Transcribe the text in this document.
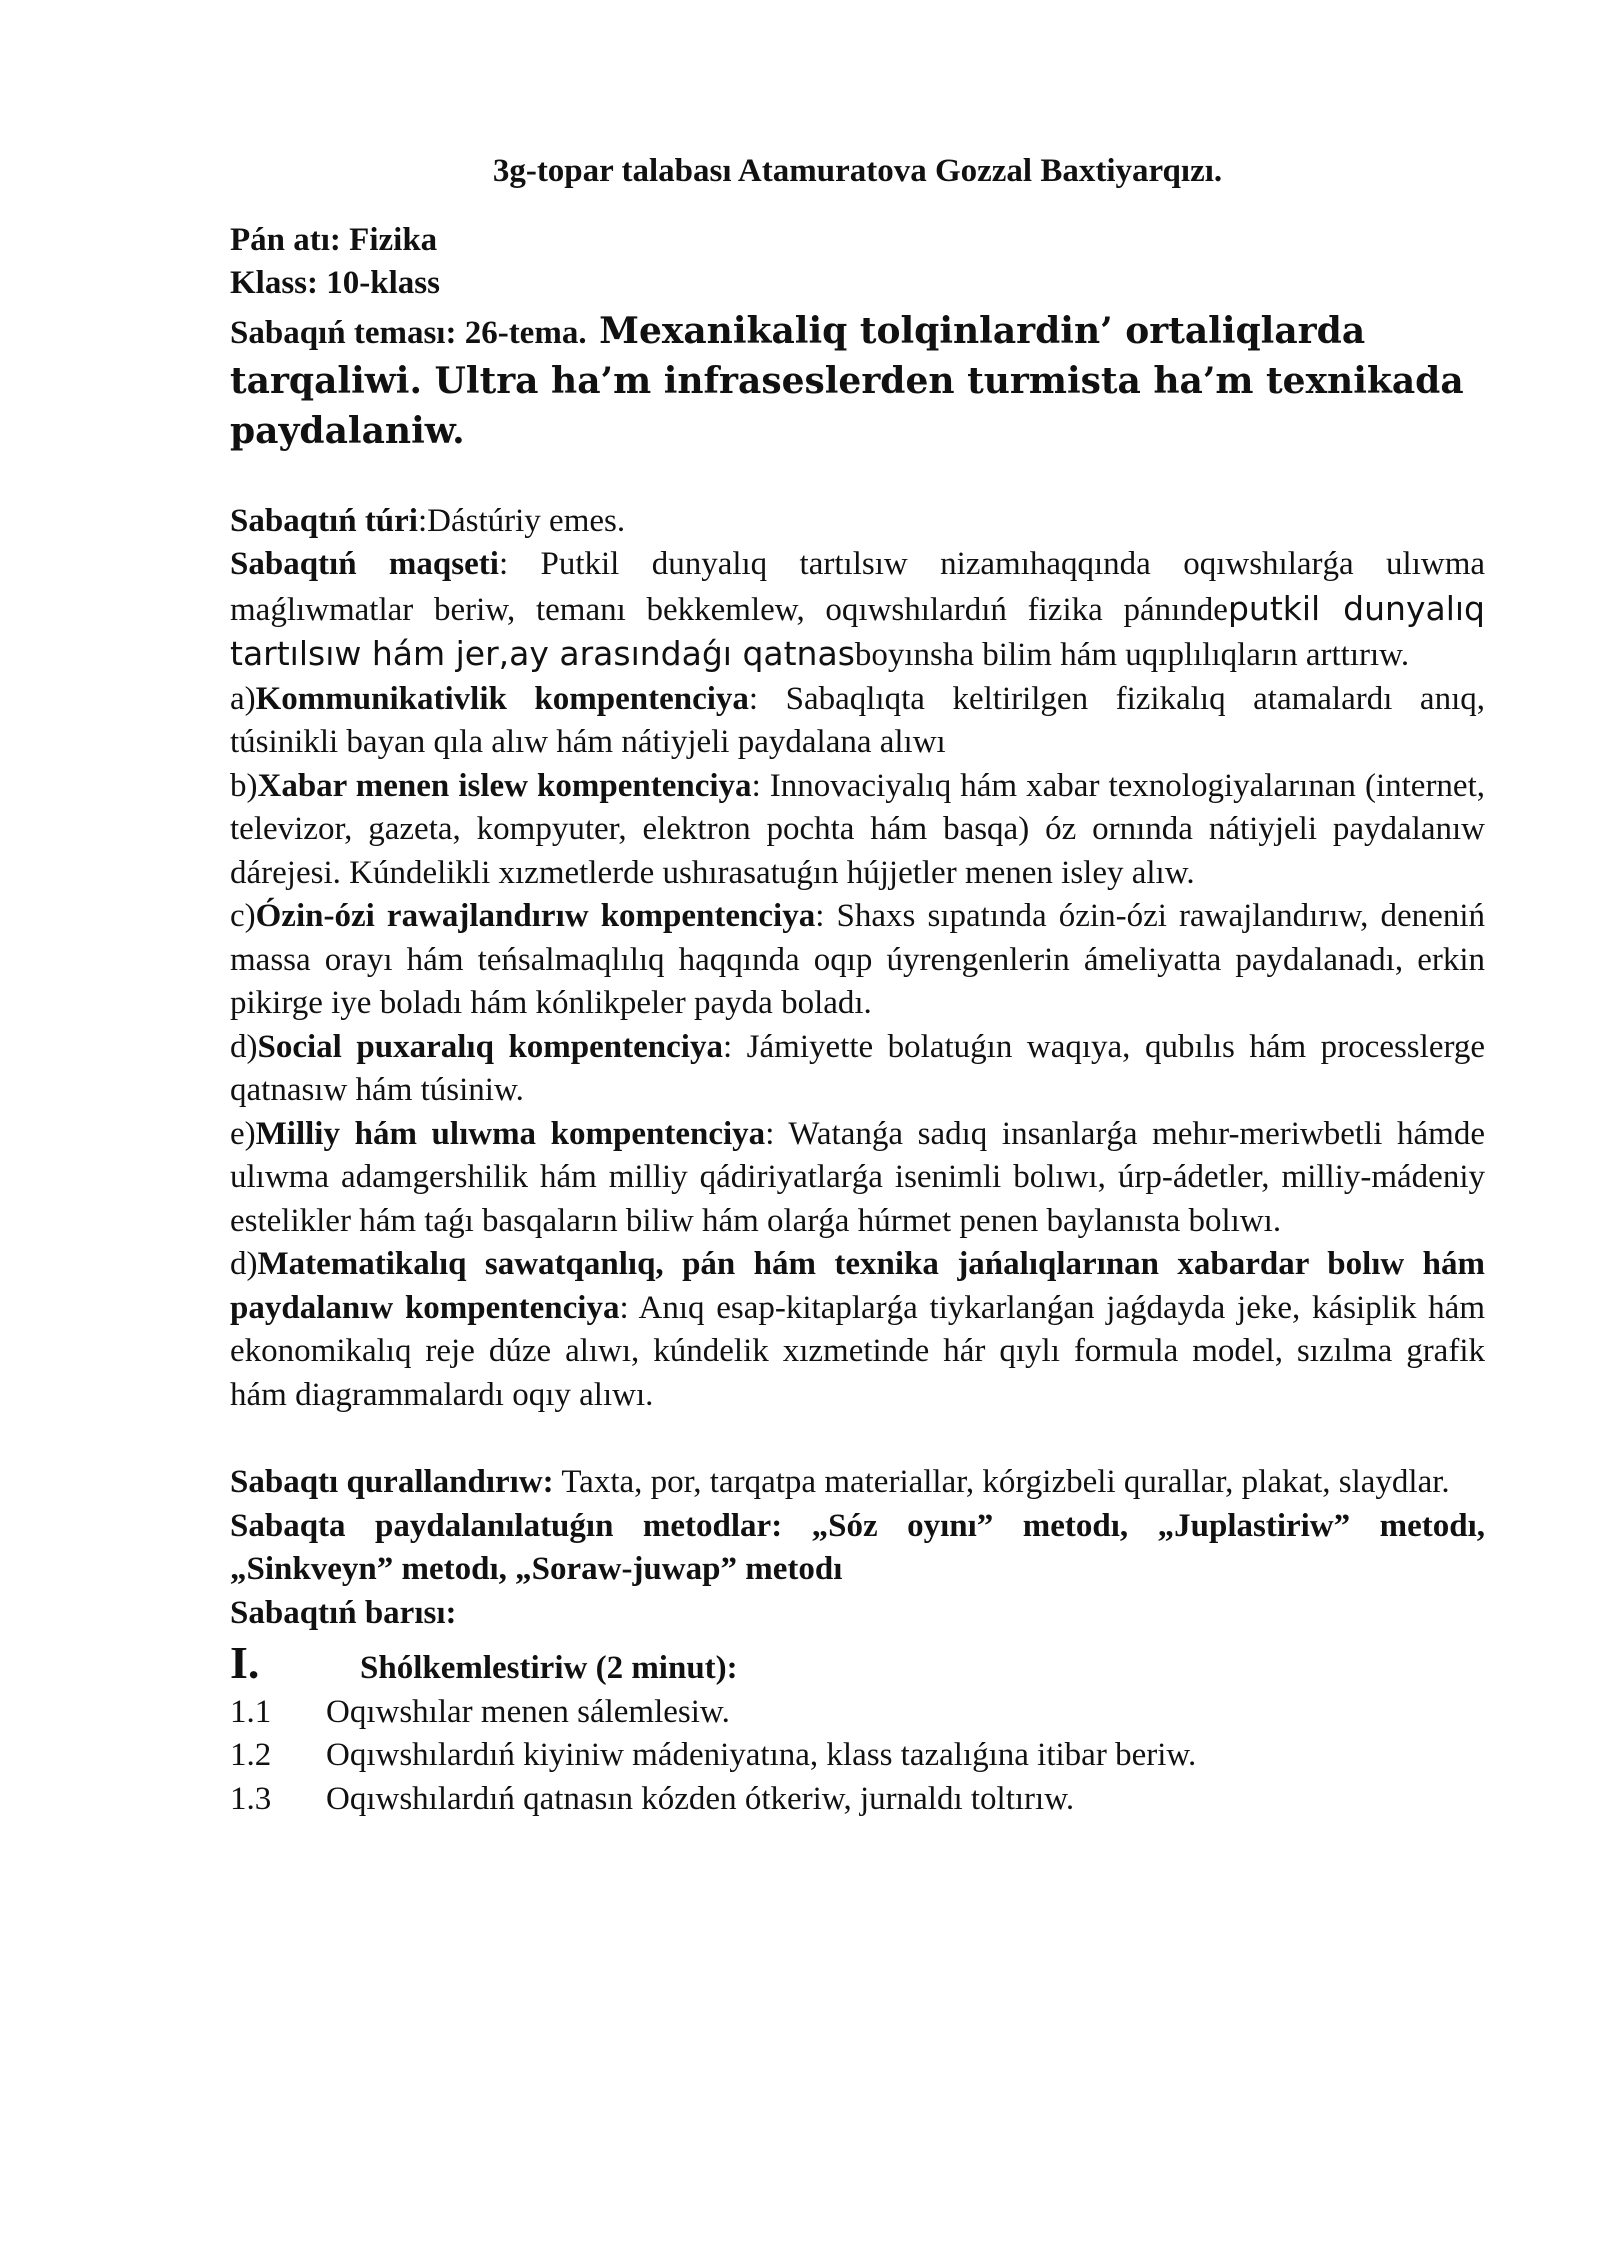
3g-topar talabası Atamuratova Gozzal Baxtiyarqızı.

Pán atı: Fizika

Klass: 10-klass

Sabaqıń teması: 26-tema. Mexanikaliq tolqinlardin’ ortaliqlarda tarqaliwi. Ultra ha’m infraseslerden turmista ha’m texnikada paydalaniw.

Sabaqtıń túri:Dástúriy emes.

Sabaqtıń maqseti: Putkil dunyalıq tartılsıw nizamıhaqqında oqıwshılarǵa ulıwma maǵlıwmatlar beriw, temanı bekkemlew, oqıwshılardıń fizika pánındeputkil dunyalıq tartılsıw hám jer,ay arasındaǵı qatnasboyınsha bilim hám uqıplılıqların arttırıw.

a)Kommunikativlik kompentenciya: Sabaqlıqta keltirilgen fizikalıq atamalardı anıq, túsinikli bayan qıla alıw hám nátiyjeli paydalana alıwı

b)Xabar menen islew kompentenciya: Innovaciyalıq hám xabar texnologiyalarınan (internet, televizor, gazeta, kompyuter, elektron pochta hám basqa) óz ornında nátiyjeli paydalanıw dárejesi. Kúndelikli xızmetlerde ushırasatuǵın hújjetler menen isley alıw.

c)Ózin-ózi rawajlandırıw kompentenciya: Shaxs sıpatında ózin-ózi rawajlandırıw, deneniń massa orayı hám teńsalmaqlılıq haqqında oqıp úyrengenlerin ámeliyatta paydalanadı, erkin pikirge iye boladı hám kónlikpeler payda boladı.

d)Social puxaralıq kompentenciya: Jámiyette bolatuǵın waqıya, qubılıs hám processlerge qatnasıw hám túsiniw.

e)Milliy hám ulıwma kompentenciya: Watanǵa sadıq insanlarǵa mehır-meriwbetli hámde ulıwma adamgershilik hám milliy qádiriyatlarǵa isenimli bolıwı, úrp-ádetler, milliy-mádeniy estelikler hám taǵı basqaların biliw hám olarǵa húrmet penen baylanısta bolıwı.

d)Matematikalıq sawatqanlıq, pán hám texnika jańalıqlarınan xabardar bolıw hám paydalanıw kompentenciya: Anıq esap-kitaplarǵa tiykarlanǵan jaǵdayda jeke, kásiplik hám ekonomikalıq reje dúze alıwı, kúndelik xızmetinde hár qıylı formula model, sızılma grafik hám diagrammalardı oqıy alıwı.

Sabaqtı qurallandırıw: Taxta, por, tarqatpa materiallar, kórgizbeli qurallar, plakat, slaydlar.

Sabaqta paydalanılatuǵın metodlar: „Sóz oyını” metodı, „Juplastiriw” metodı, „Sinkveyn” metodı, „Soraw-juwap” metodı

Sabaqtıń barısı:

I.	Shólkemlestiriw (2 minut):
1.1	Oqıwshılar menen sálemlesiw.
1.2	Oqıwshılardıń kiyiniw mádeniyatına, klass tazalıǵına itibar beriw.
1.3	Oqıwshılardıń qatnasın kózden ótkeriw, jurnaldı toltırıw.
